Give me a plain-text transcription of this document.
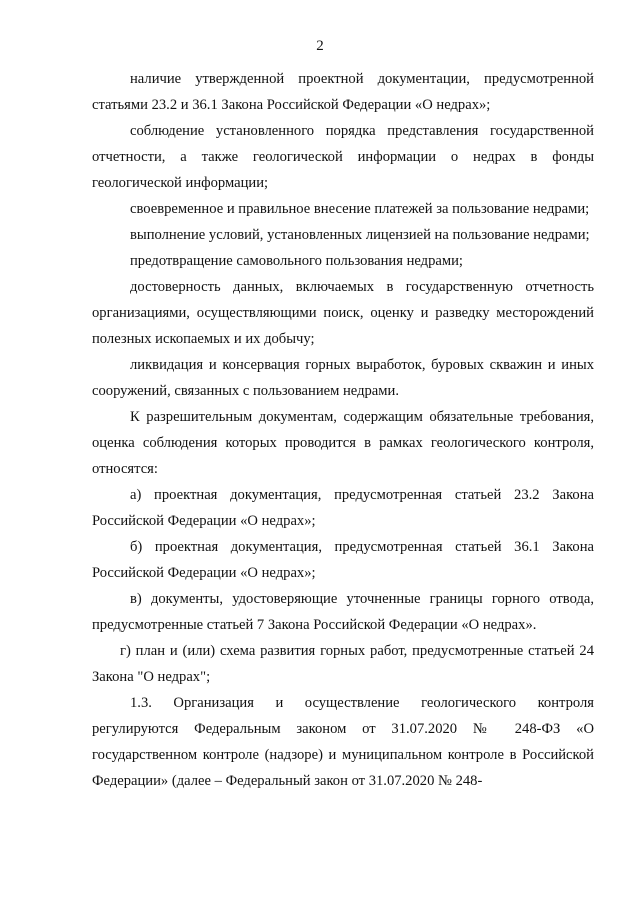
2

наличие утвержденной проектной документации, предусмотренной статьями 23.2 и 36.1 Закона Российской Федерации «О недрах»;

соблюдение установленного порядка представления государственной отчетности, а также геологической информации о недрах в фонды геологической информации;

своевременное и правильное внесение платежей за пользование недрами;

выполнение условий, установленных лицензией на пользование недрами;

предотвращение самовольного пользования недрами;

достоверность данных, включаемых в государственную отчетность организациями, осуществляющими поиск, оценку и разведку месторождений полезных ископаемых и их добычу;

ликвидация и консервация горных выработок, буровых скважин и иных сооружений, связанных с пользованием недрами.

К разрешительным документам, содержащим обязательные требования, оценка соблюдения которых проводится в рамках геологического контроля, относятся:

а) проектная документация, предусмотренная статьей 23.2 Закона Российской Федерации «О недрах»;

б) проектная документация, предусмотренная статьей 36.1 Закона Российской Федерации «О недрах»;

в) документы, удостоверяющие уточненные границы горного отвода, предусмотренные статьей 7 Закона Российской Федерации «О недрах».

г) план и (или) схема развития горных работ, предусмотренные статьей 24 Закона "О недрах";

1.3. Организация и осуществление геологического контроля регулируются Федеральным законом от 31.07.2020 № 248-ФЗ «О государственном контроле (надзоре) и муниципальном контроле в Российской Федерации» (далее – Федеральный закон от 31.07.2020 № 248-
